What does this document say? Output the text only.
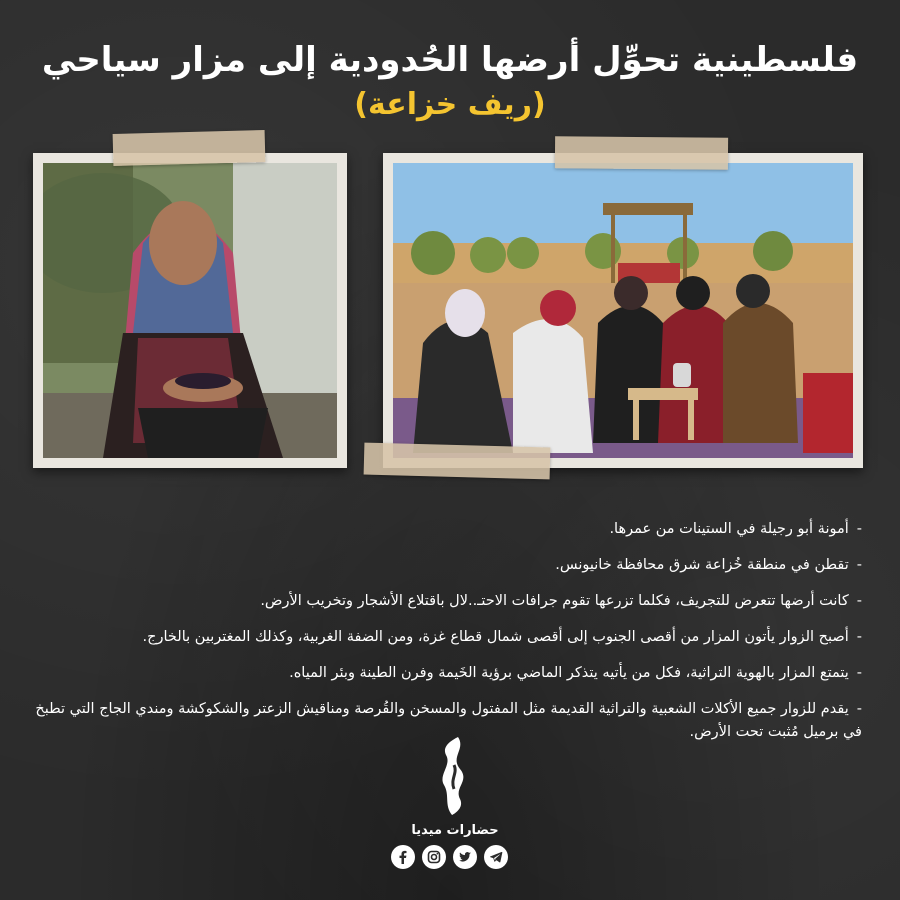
فلسطينية تحوِّل أرضها الحُدودية إلى مزار سياحي
(ريف خزاعة)
-أمونة أبو رجيلة في الستينات من عمرها.
-تقطن في منطقة خُزاعة شرق محافظة خانيونس.
-كانت أرضها تتعرض للتجريف، فكلما تزرعها تقوم جرافات الاحتـ..لال باقتلاع الأشجار وتخريب الأرض.
-أصبح الزوار يأتون المزار من أقصى الجنوب إلى أقصى شمال قطاع غزة، ومن الضفة الغربية، وكذلك المغتربين بالخارج.
-يتمتع المزار بالهوية التراثية، فكل من يأتيه يتذكر الماضي برؤية الخَيمة وفرن الطينة وبئر المياه.
-يقدم للزوار جميع الأكلات الشعبية والتراثية القديمة مثل المفتول والمسخن والقُرصة ومناقيش الزعتر والشكوكشة ومندي الجاج التي تطبخ في برميل مُثبت تحت الأرض.
حضارات ميديا
